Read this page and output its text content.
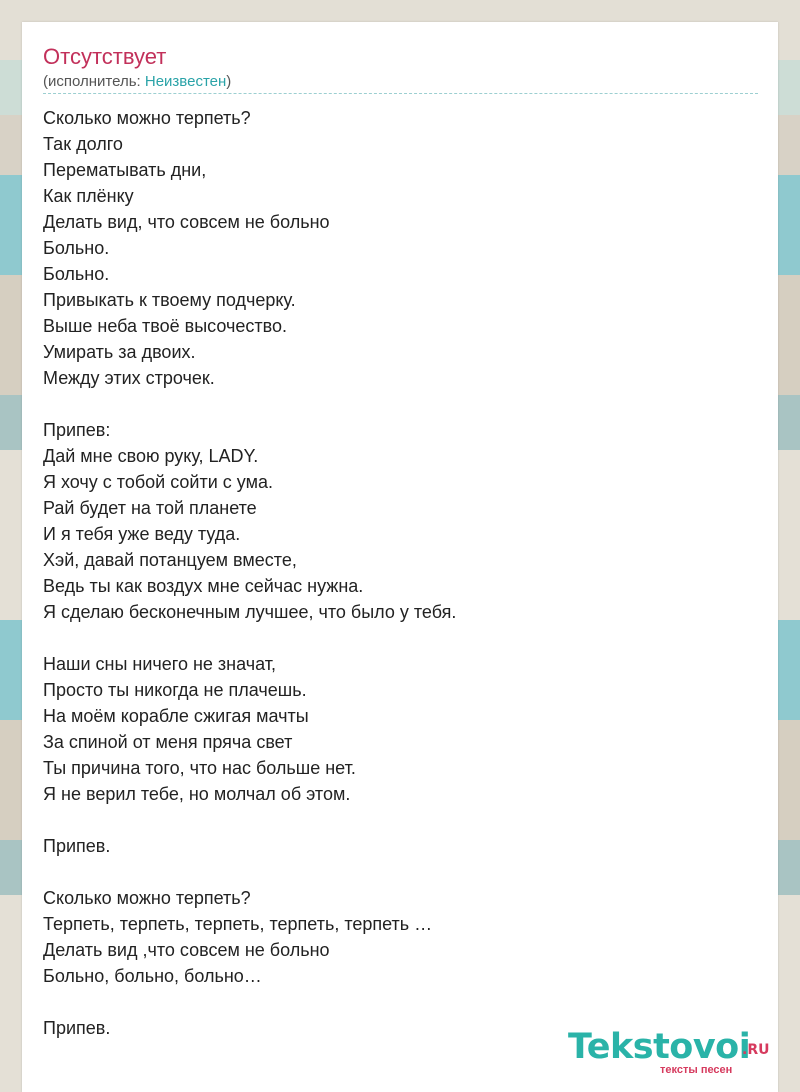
Отсутствует
(исполнитель: Неизвестен)
Сколько можно терпеть?
Так долго
Перематывать дни,
Как плёнку
Делать вид, что совсем не больно
Больно.
Больно.
Привыкать к твоему подчерку.
Выше неба твоё высочество.
Умирать за двоих.
Между этих строчек.
Припев:
Дай мне свою руку, LADY.
Я хочу с тобой сойти с ума.
Рай будет на той планете
И я тебя уже веду туда.
Хэй, давай потанцуем вместе,
Ведь ты как воздух мне сейчас нужна.
Я сделаю бесконечным лучшее, что было у тебя.
Наши сны ничего не значат,
Просто ты никогда не плачешь.
На моём корабле сжигая мачты
За спиной от меня пряча свет
Ты причина того, что нас больше нет.
Я не верил тебе, но молчал об этом.
Припев.
Сколько можно терпеть?
Терпеть, терпеть, терпеть, терпеть, терпеть …
Делать вид ,что совсем не больно
Больно, больно, больно…
Припев.	Tekstovoi
.RU
тексты песен
